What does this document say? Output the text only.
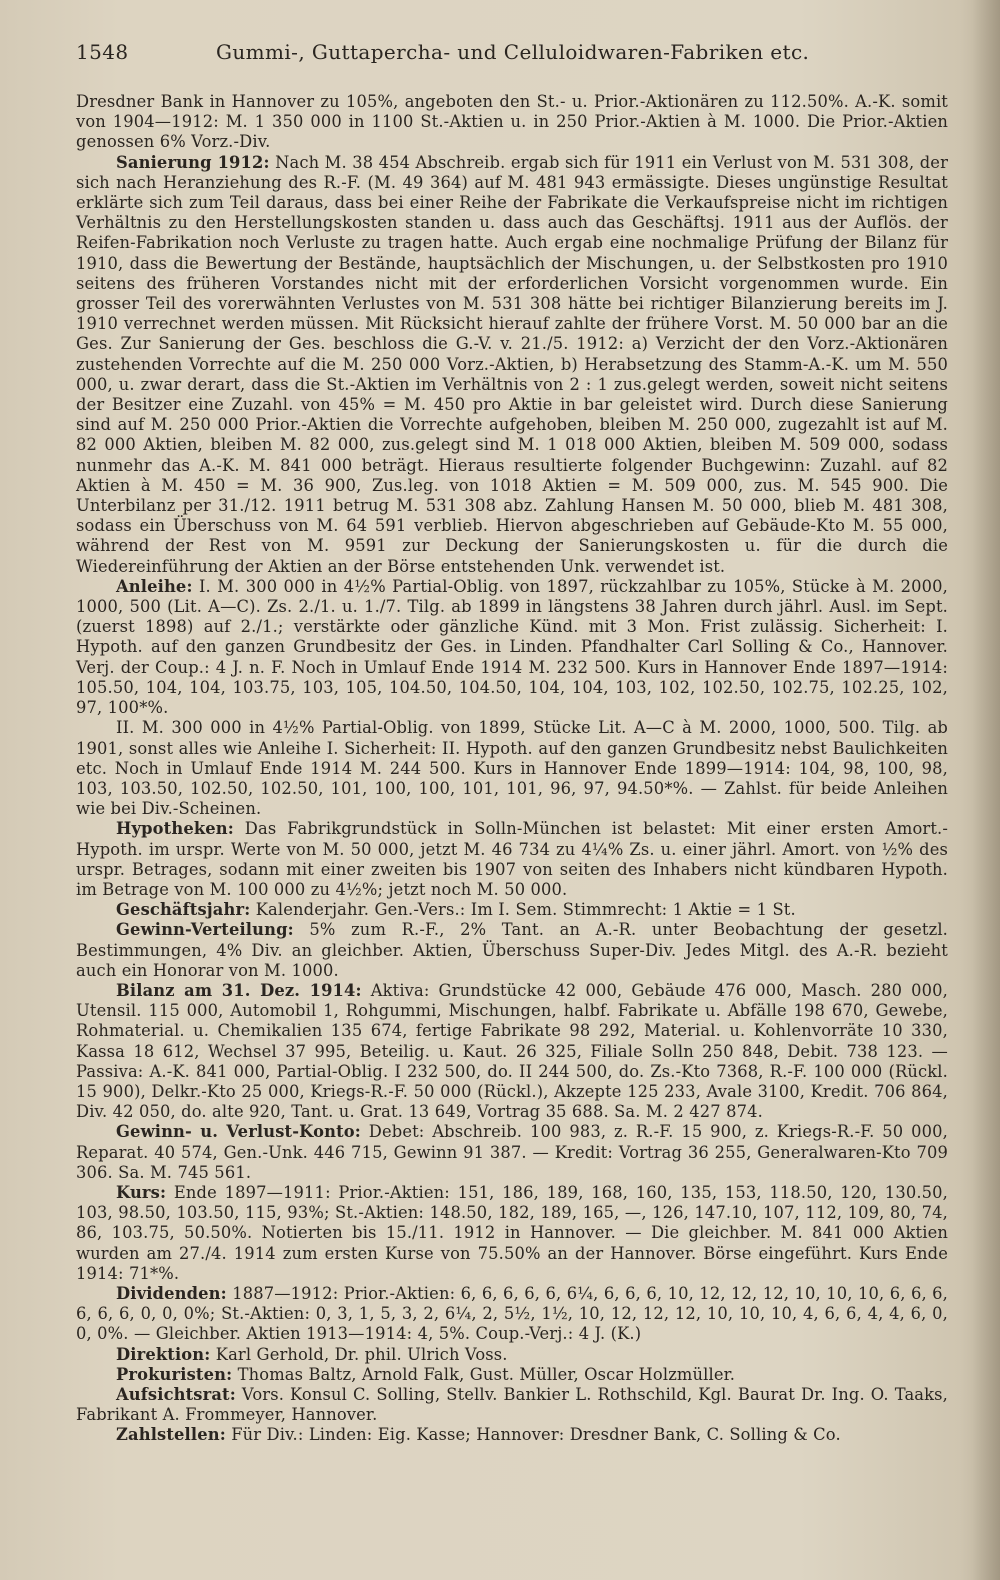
1548	Gummi-, Guttapercha- und Celluloidwaren-Fabriken etc.

Dresdner Bank in Hannover zu 105%, angeboten den St.- u. Prior.-Aktionären zu 112.50%. A.-K. somit von 1904—1912: M. 1 350 000 in 1100 St.-Aktien u. in 250 Prior.-Aktien à M. 1000. Die Prior.-Aktien genossen 6% Vorz.-Div.

Sanierung 1912: Nach M. 38 454 Abschreib. ergab sich für 1911 ein Verlust von M. 531 308, der sich nach Heranziehung des R.-F. (M. 49 364) auf M. 481 943 ermässigte. Dieses ungünstige Resultat erklärte sich zum Teil daraus, dass bei einer Reihe der Fabrikate die Verkaufspreise nicht im richtigen Verhältnis zu den Herstellungskosten standen u. dass auch das Geschäftsj. 1911 aus der Auflös. der Reifen-Fabrikation noch Verluste zu tragen hatte. Auch ergab eine nochmalige Prüfung der Bilanz für 1910, dass die Bewertung der Bestände, hauptsächlich der Mischungen, u. der Selbstkosten pro 1910 seitens des früheren Vorstandes nicht mit der erforderlichen Vorsicht vorgenommen wurde. Ein grosser Teil des vorerwähnten Verlustes von M. 531 308 hätte bei richtiger Bilanzierung bereits im J. 1910 verrechnet werden müssen. Mit Rücksicht hierauf zahlte der frühere Vorst. M. 50 000 bar an die Ges. Zur Sanierung der Ges. beschloss die G.-V. v. 21./5. 1912: a) Verzicht der den Vorz.-Aktionären zustehenden Vorrechte auf die M. 250 000 Vorz.-Aktien, b) Herabsetzung des Stamm-A.-K. um M. 550 000, u. zwar derart, dass die St.-Aktien im Verhältnis von 2 : 1 zus.gelegt werden, soweit nicht seitens der Besitzer eine Zuzahl. von 45% = M. 450 pro Aktie in bar geleistet wird. Durch diese Sanierung sind auf M. 250 000 Prior.-Aktien die Vorrechte aufgehoben, bleiben M. 250 000, zugezahlt ist auf M. 82 000 Aktien, bleiben M. 82 000, zus.gelegt sind M. 1 018 000 Aktien, bleiben M. 509 000, sodass nunmehr das A.-K. M. 841 000 beträgt. Hieraus resultierte folgender Buchgewinn: Zuzahl. auf 82 Aktien à M. 450 = M. 36 900, Zus.leg. von 1018 Aktien = M. 509 000, zus. M. 545 900. Die Unterbilanz per 31./12. 1911 betrug M. 531 308 abz. Zahlung Hansen M. 50 000, blieb M. 481 308, sodass ein Überschuss von M. 64 591 verblieb. Hiervon abgeschrieben auf Gebäude-Kto M. 55 000, während der Rest von M. 9591 zur Deckung der Sanierungskosten u. für die durch die Wiedereinführung der Aktien an der Börse entstehenden Unk. verwendet ist.

Anleihe: I. M. 300 000 in 4½% Partial-Oblig. von 1897, rückzahlbar zu 105%, Stücke à M. 2000, 1000, 500 (Lit. A—C). Zs. 2./1. u. 1./7. Tilg. ab 1899 in längstens 38 Jahren durch jährl. Ausl. im Sept. (zuerst 1898) auf 2./1.; verstärkte oder gänzliche Künd. mit 3 Mon. Frist zulässig. Sicherheit: I. Hypoth. auf den ganzen Grundbesitz der Ges. in Linden. Pfandhalter Carl Solling & Co., Hannover. Verj. der Coup.: 4 J. n. F. Noch in Umlauf Ende 1914 M. 232 500. Kurs in Hannover Ende 1897—1914: 105.50, 104, 104, 103.75, 103, 105, 104.50, 104.50, 104, 104, 103, 102, 102.50, 102.75, 102.25, 102, 97, 100*%.

II. M. 300 000 in 4½% Partial-Oblig. von 1899, Stücke Lit. A—C à M. 2000, 1000, 500. Tilg. ab 1901, sonst alles wie Anleihe I. Sicherheit: II. Hypoth. auf den ganzen Grundbesitz nebst Baulichkeiten etc. Noch in Umlauf Ende 1914 M. 244 500. Kurs in Hannover Ende 1899—1914: 104, 98, 100, 98, 103, 103.50, 102.50, 102.50, 101, 100, 100, 101, 101, 96, 97, 94.50*%. — Zahlst. für beide Anleihen wie bei Div.-Scheinen.

Hypotheken: Das Fabrikgrundstück in Solln-München ist belastet: Mit einer ersten Amort.-Hypoth. im urspr. Werte von M. 50 000, jetzt M. 46 734 zu 4¼% Zs. u. einer jährl. Amort. von ½% des urspr. Betrages, sodann mit einer zweiten bis 1907 von seiten des Inhabers nicht kündbaren Hypoth. im Betrage von M. 100 000 zu 4½%; jetzt noch M. 50 000.

Geschäftsjahr: Kalenderjahr. Gen.-Vers.: Im I. Sem. Stimmrecht: 1 Aktie = 1 St.

Gewinn-Verteilung: 5% zum R.-F., 2% Tant. an A.-R. unter Beobachtung der gesetzl. Bestimmungen, 4% Div. an gleichber. Aktien, Überschuss Super-Div. Jedes Mitgl. des A.-R. bezieht auch ein Honorar von M. 1000.

Bilanz am 31. Dez. 1914: Aktiva: Grundstücke 42 000, Gebäude 476 000, Masch. 280 000, Utensil. 115 000, Automobil 1, Rohgummi, Mischungen, halbf. Fabrikate u. Abfälle 198 670, Gewebe, Rohmaterial. u. Chemikalien 135 674, fertige Fabrikate 98 292, Material. u. Kohlenvorräte 10 330, Kassa 18 612, Wechsel 37 995, Beteilig. u. Kaut. 26 325, Filiale Solln 250 848, Debit. 738 123. — Passiva: A.-K. 841 000, Partial-Oblig. I 232 500, do. II 244 500, do. Zs.-Kto 7368, R.-F. 100 000 (Rückl. 15 900), Delkr.-Kto 25 000, Kriegs-R.-F. 50 000 (Rückl.), Akzepte 125 233, Avale 3100, Kredit. 706 864, Div. 42 050, do. alte 920, Tant. u. Grat. 13 649, Vortrag 35 688. Sa. M. 2 427 874.

Gewinn- u. Verlust-Konto: Debet: Abschreib. 100 983, z. R.-F. 15 900, z. Kriegs-R.-F. 50 000, Reparat. 40 574, Gen.-Unk. 446 715, Gewinn 91 387. — Kredit: Vortrag 36 255, Generalwaren-Kto 709 306. Sa. M. 745 561.

Kurs: Ende 1897—1911: Prior.-Aktien: 151, 186, 189, 168, 160, 135, 153, 118.50, 120, 130.50, 103, 98.50, 103.50, 115, 93%; St.-Aktien: 148.50, 182, 189, 165, —, 126, 147.10, 107, 112, 109, 80, 74, 86, 103.75, 50.50%. Notierten bis 15./11. 1912 in Hannover. — Die gleichber. M. 841 000 Aktien wurden am 27./4. 1914 zum ersten Kurse von 75.50% an der Hannover. Börse eingeführt. Kurs Ende 1914: 71*%.

Dividenden: 1887—1912: Prior.-Aktien: 6, 6, 6, 6, 6, 6¼, 6, 6, 6, 10, 12, 12, 12, 10, 10, 10, 6, 6, 6, 6, 6, 6, 0, 0, 0%; St.-Aktien: 0, 3, 1, 5, 3, 2, 6¼, 2, 5½, 1½, 10, 12, 12, 12, 10, 10, 10, 4, 6, 6, 4, 4, 6, 0, 0, 0%. — Gleichber. Aktien 1913—1914: 4, 5%. Coup.-Verj.: 4 J. (K.)

Direktion: Karl Gerhold, Dr. phil. Ulrich Voss.

Prokuristen: Thomas Baltz, Arnold Falk, Gust. Müller, Oscar Holzmüller.

Aufsichtsrat: Vors. Konsul C. Solling, Stellv. Bankier L. Rothschild, Kgl. Baurat Dr. Ing. O. Taaks, Fabrikant A. Frommeyer, Hannover.

Zahlstellen: Für Div.: Linden: Eig. Kasse; Hannover: Dresdner Bank, C. Solling & Co.
